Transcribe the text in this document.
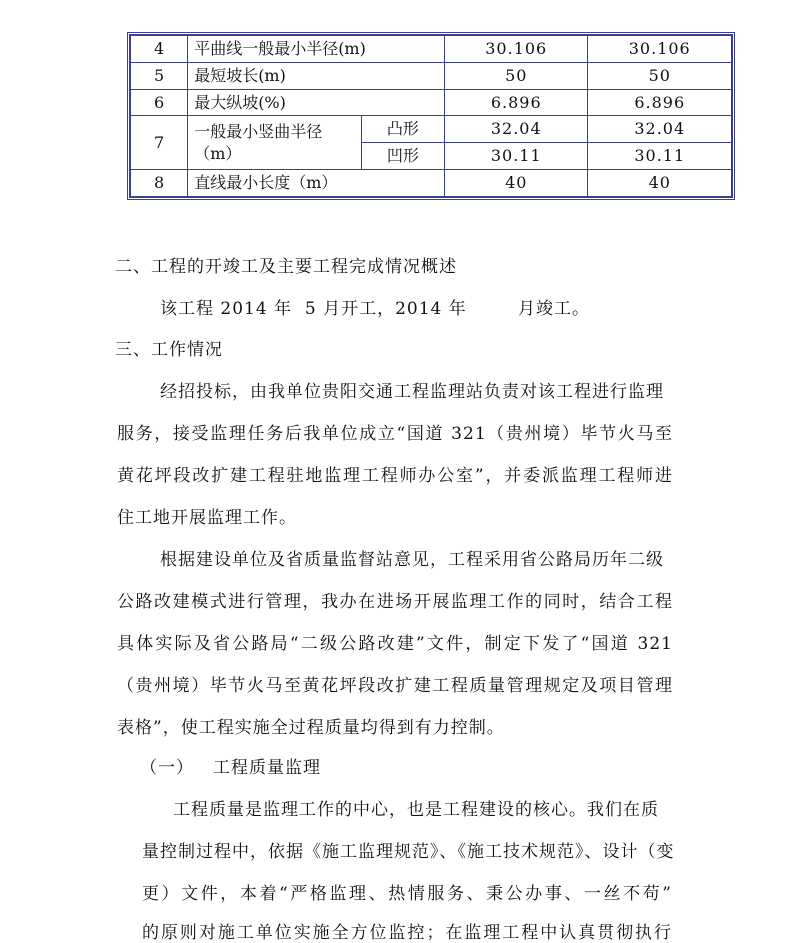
4	平曲线一般最小半径(m)		30.106	30.106
5	最短坡长(m)		50	50
6	最大纵坡(%)		6.896	6.896
7	一般最小竖曲半径（m）	凸形	32.04	32.04
		凹形	30.11	30.11
8	直线最小长度（m）		40	40
二、工程的开竣工及主要工程完成情况概述
该工程 2014 年  5 月开工，2014 年        月竣工。
三、工作情况
经招投标，由我单位贵阳交通工程监理站负责对该工程进行监理
服务，接受监理任务后我单位成立“国道 321（贵州境）毕节火马至
黄花坪段改扩建工程驻地监理工程师办公室”，并委派监理工程师进
住工地开展监理工作。
根据建设单位及省质量监督站意见，工程采用省公路局历年二级
公路改建模式进行管理，我办在进场开展监理工作的同时，结合工程
具体实际及省公路局“二级公路改建”文件，制定下发了“国道 321
（贵州境）毕节火马至黄花坪段改扩建工程质量管理规定及项目管理
表格”，使工程实施全过程质量均得到有力控制。
（一） 工程质量监理
工程质量是监理工作的中心，也是工程建设的核心。我们在质
量控制过程中，依据《施工监理规范》、《施工技术规范》、设计（变
更）文件，本着“严格监理、热情服务、秉公办事、一丝不苟”
的原则对施工单位实施全方位监控；在监理工程中认真贯彻执行
